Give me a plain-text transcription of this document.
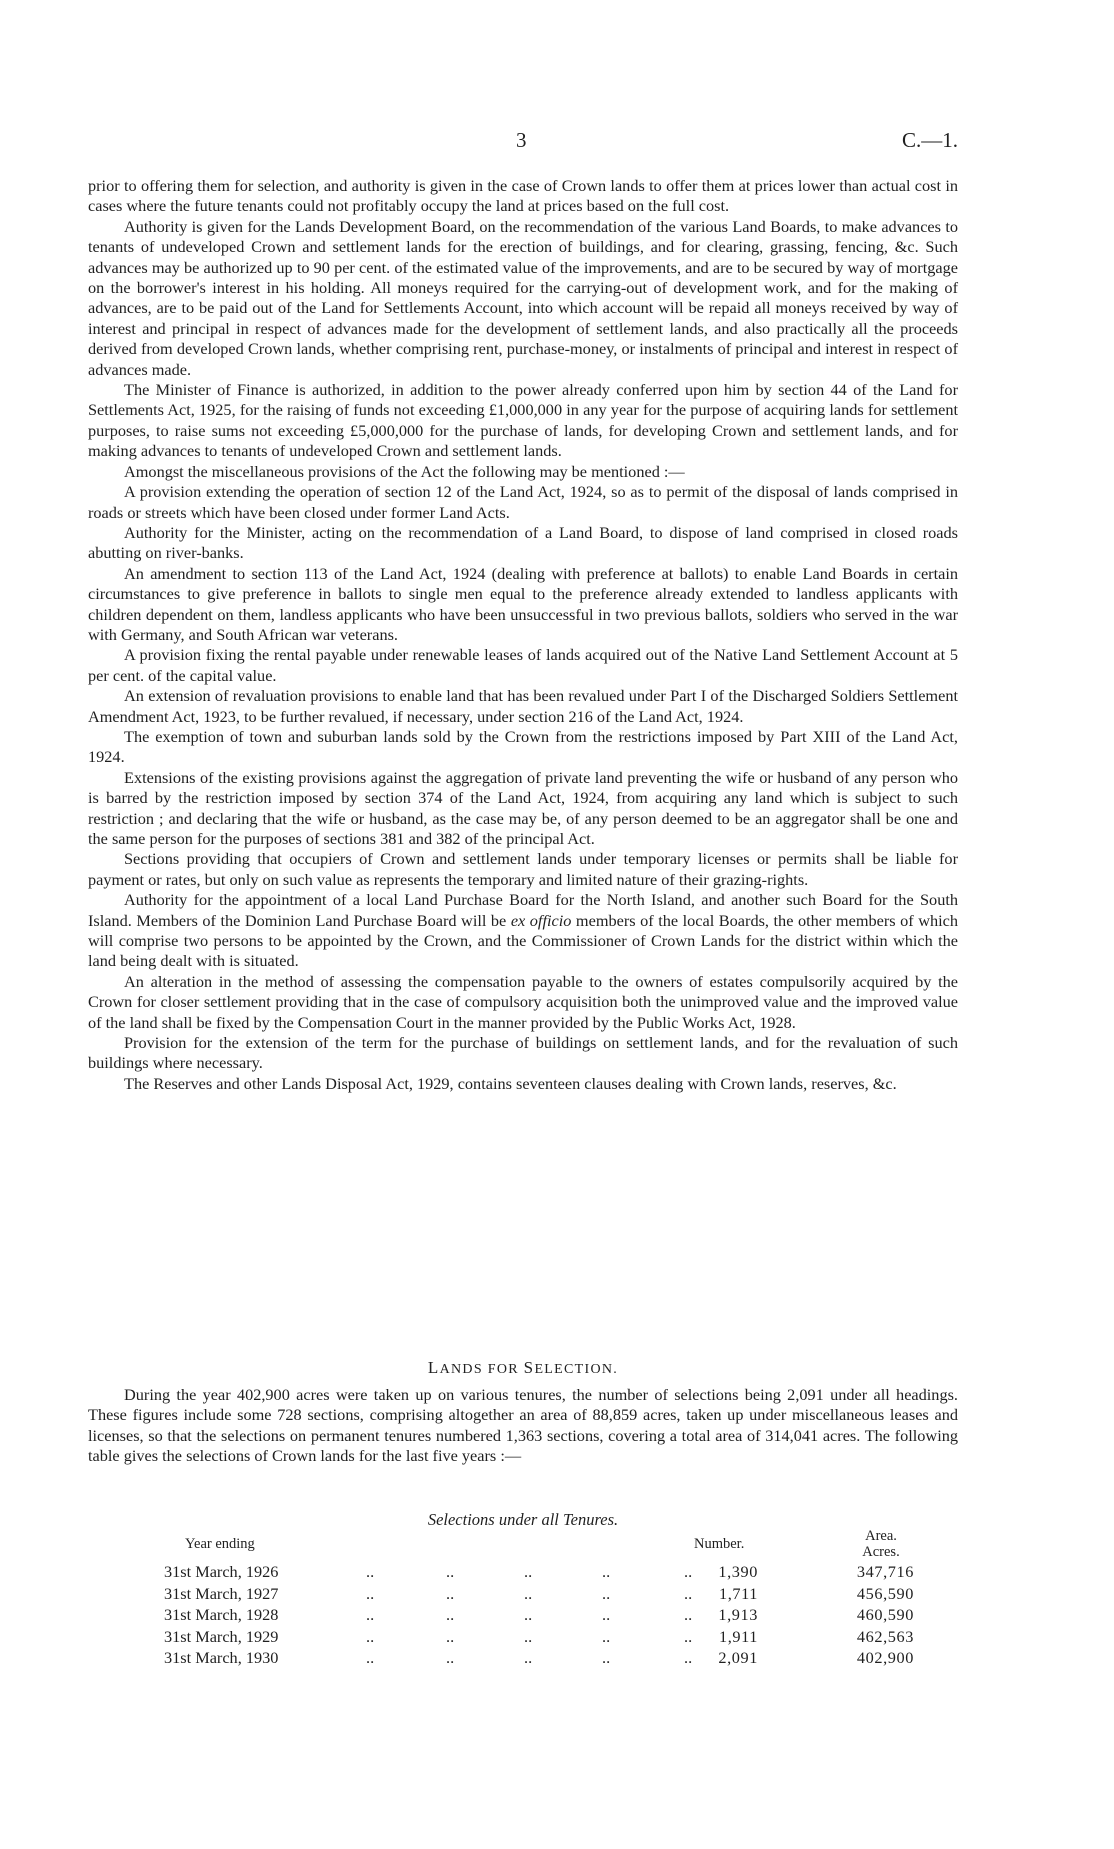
3	C.—1.

prior to offering them for selection, and authority is given in the case of Crown lands to offer them at prices lower than actual cost in cases where the future tenants could not profitably occupy the land at prices based on the full cost.

Authority is given for the Lands Development Board, on the recommendation of the various Land Boards, to make advances to tenants of undeveloped Crown and settlement lands for the erection of buildings, and for clearing, grassing, fencing, &c. Such advances may be authorized up to 90 per cent. of the estimated value of the improvements, and are to be secured by way of mortgage on the borrower's interest in his holding. All moneys required for the carrying-out of development work, and for the making of advances, are to be paid out of the Land for Settlements Account, into which account will be repaid all moneys received by way of interest and principal in respect of advances made for the development of settlement lands, and also practically all the proceeds derived from developed Crown lands, whether comprising rent, purchase-money, or instalments of principal and interest in respect of advances made.

The Minister of Finance is authorized, in addition to the power already conferred upon him by section 44 of the Land for Settlements Act, 1925, for the raising of funds not exceeding £1,000,000 in any year for the purpose of acquiring lands for settlement purposes, to raise sums not exceeding £5,000,000 for the purchase of lands, for developing Crown and settlement lands, and for making advances to tenants of undeveloped Crown and settlement lands.

Amongst the miscellaneous provisions of the Act the following may be mentioned :—

A provision extending the operation of section 12 of the Land Act, 1924, so as to permit of the disposal of lands comprised in roads or streets which have been closed under former Land Acts.

Authority for the Minister, acting on the recommendation of a Land Board, to dispose of land comprised in closed roads abutting on river-banks.

An amendment to section 113 of the Land Act, 1924 (dealing with preference at ballots) to enable Land Boards in certain circumstances to give preference in ballots to single men equal to the preference already extended to landless applicants with children dependent on them, landless applicants who have been unsuccessful in two previous ballots, soldiers who served in the war with Germany, and South African war veterans.

A provision fixing the rental payable under renewable leases of lands acquired out of the Native Land Settlement Account at 5 per cent. of the capital value.

An extension of revaluation provisions to enable land that has been revalued under Part I of the Discharged Soldiers Settlement Amendment Act, 1923, to be further revalued, if necessary, under section 216 of the Land Act, 1924.

The exemption of town and suburban lands sold by the Crown from the restrictions imposed by Part XIII of the Land Act, 1924.

Extensions of the existing provisions against the aggregation of private land preventing the wife or husband of any person who is barred by the restriction imposed by section 374 of the Land Act, 1924, from acquiring any land which is subject to such restriction ; and declaring that the wife or husband, as the case may be, of any person deemed to be an aggregator shall be one and the same person for the purposes of sections 381 and 382 of the principal Act.

Sections providing that occupiers of Crown and settlement lands under temporary licenses or permits shall be liable for payment or rates, but only on such value as represents the temporary and limited nature of their grazing-rights.

Authority for the appointment of a local Land Purchase Board for the North Island, and another such Board for the South Island. Members of the Dominion Land Purchase Board will be ex officio members of the local Boards, the other members of which will comprise two persons to be appointed by the Crown, and the Commissioner of Crown Lands for the district within which the land being dealt with is situated.

An alteration in the method of assessing the compensation payable to the owners of estates compulsorily acquired by the Crown for closer settlement providing that in the case of compulsory acquisition both the unimproved value and the improved value of the land shall be fixed by the Compensation Court in the manner provided by the Public Works Act, 1928.

Provision for the extension of the term for the purchase of buildings on settlement lands, and for the revaluation of such buildings where necessary.

The Reserves and other Lands Disposal Act, 1929, contains seventeen clauses dealing with Crown lands, reserves, &c.

LANDS FOR SELECTION.

During the year 402,900 acres were taken up on various tenures, the number of selections being 2,091 under all headings. These figures include some 728 sections, comprising altogether an area of 88,859 acres, taken up under miscellaneous leases and licenses, so that the selections on permanent tenures numbered 1,363 sections, covering a total area of 314,041 acres. The following table gives the selections of Crown lands for the last five years :—

Selections under all Tenures.
Year ending	Number.	Area.
Acres.
31st March, 1926	..	..	..	..	..	1,390	347,716
31st March, 1927	..	..	..	..	..	1,711	456,590
31st March, 1928	..	..	..	..	..	1,913	460,590
31st March, 1929	..	..	..	..	..	1,911	462,563
31st March, 1930	..	..	..	..	..	2,091	402,900
